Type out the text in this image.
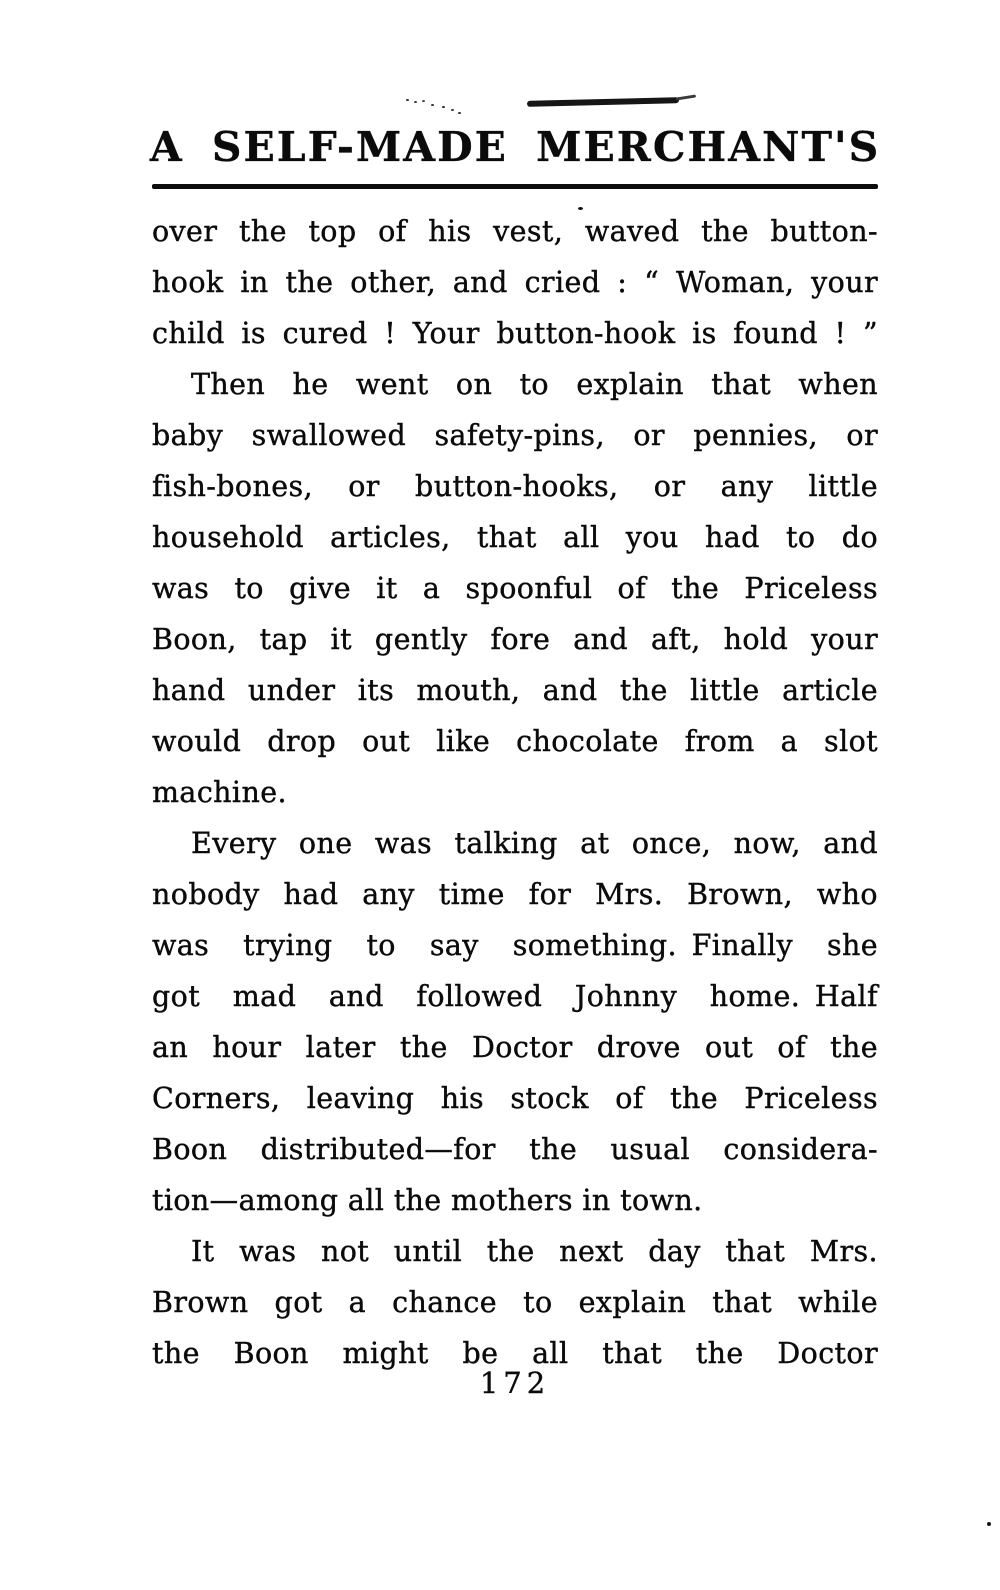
A SELF-MADE MERCHANT'S
over the top of his vest, waved the button-
hook in the other, and cried : “ Woman, your
child is cured ! Your button-hook is found ! ”
Then he went on to explain that when
baby swallowed safety-pins, or pennies, or
fish-bones, or button-hooks, or any little
household articles, that all you had to do
was to give it a spoonful of the Priceless
Boon, tap it gently fore and aft, hold your
hand under its mouth, and the little article
would drop out like chocolate from a slot
machine.
Every one was talking at once, now, and
nobody had any time for Mrs. Brown, who
was trying to say something. Finally she
got mad and followed Johnny home. Half
an hour later the Doctor drove out of the
Corners, leaving his stock of the Priceless
Boon distributed—for the usual considera-
tion—among all the mothers in town.
It was not until the next day that Mrs.
Brown got a chance to explain that while
the Boon might be all that the Doctor
172
